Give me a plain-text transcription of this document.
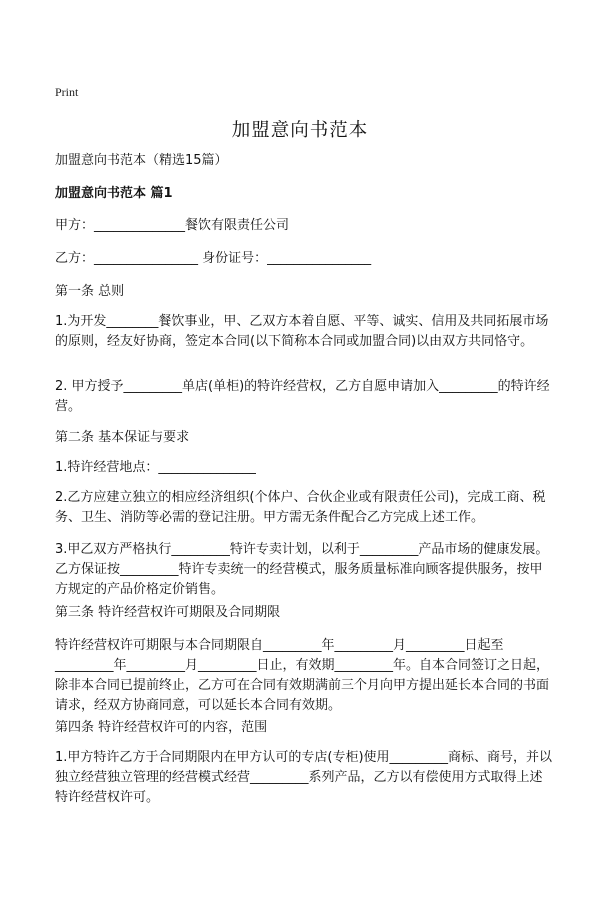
Print
加盟意向书范本
加盟意向书范本（精选15篇）
加盟意向书范本 篇1
甲方：______________餐饮有限责任公司
乙方：________________ 身份证号：________________
第一条 总则
1.为开发________餐饮事业，甲、乙双方本着自愿、平等、诚实、信用及共同拓展市场的原则，经友好协商，签定本合同(以下简称本合同或加盟合同)以由双方共同恪守。
2. 甲方授予_________单店(单柜)的特许经营权，乙方自愿申请加入_________的特许经营。
第二条 基本保证与要求
1.特许经营地点：_______________
2.乙方应建立独立的相应经济组织(个体户、合伙企业或有限责任公司)，完成工商、税务、卫生、消防等必需的登记注册。甲方需无条件配合乙方完成上述工作。
3.甲乙双方严格执行_________特许专卖计划，以利于_________产品市场的健康发展。乙方保证按_________特许专卖统一的经营模式，服务质量标准向顾客提供服务，按甲方规定的产品价格定价销售。
第三条 特许经营权许可期限及合同期限
特许经营权许可期限与本合同期限自_________年_________月_________日起至_________年_________月_________日止，有效期_________年。自本合同签订之日起，除非本合同已提前终止，乙方可在合同有效期满前三个月向甲方提出延长本合同的书面请求，经双方协商同意，可以延长本合同有效期。
第四条 特许经营权许可的内容，范围
1.甲方特许乙方于合同期限内在甲方认可的专店(专柜)使用_________商标、商号，并以独立经营独立管理的经营模式经营_________系列产品，乙方以有偿使用方式取得上述特许经营权许可。
